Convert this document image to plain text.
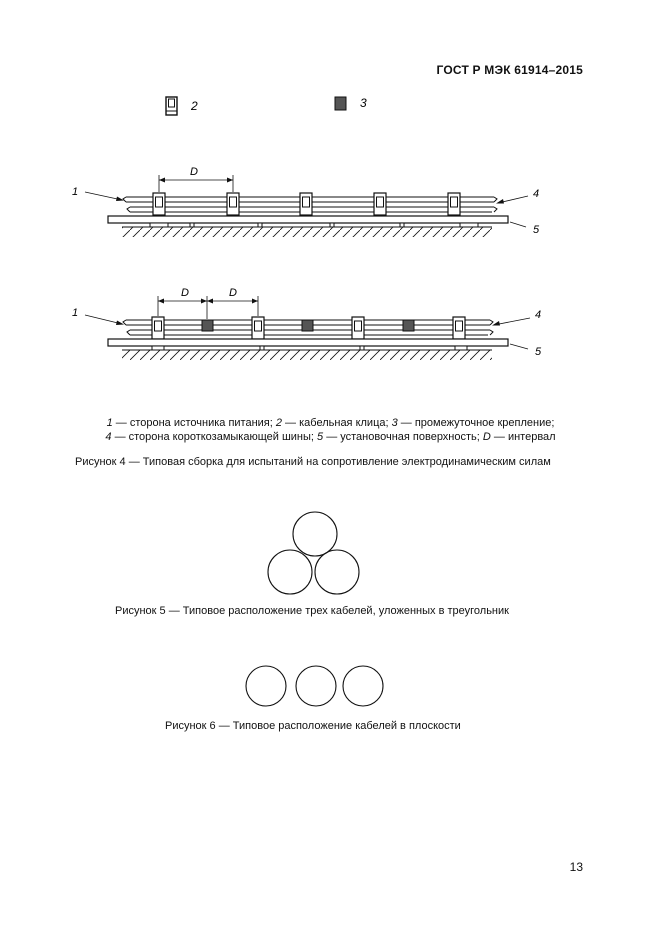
ГОСТ Р МЭК 61914–2015
2	3
D
1	4
5
D	D
1	4
5
1 — сторона источника питания; 2 — кабельная клица; 3 — промежуточное крепление;
4 — сторона короткозамыкающей шины; 5 — установочная поверхность; D — интервал
Рисунок 4 — Типовая сборка для испытаний на сопротивление электродинамическим силам
Рисунок 5 — Типовое расположение трех кабелей, уложенных в треугольник
Рисунок 6 — Типовое расположение кабелей в плоскости
13
